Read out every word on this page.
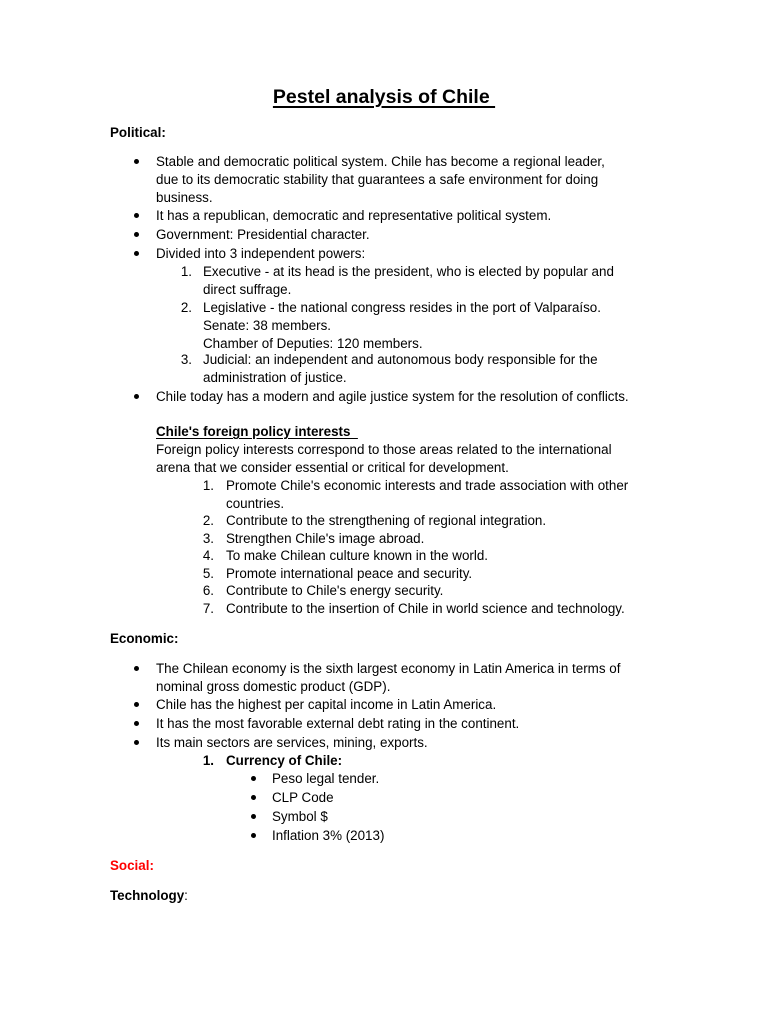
Pestel analysis of Chile
Political:
Stable and democratic political system. Chile has become a regional leader,
due to its democratic stability that guarantees a safe environment for doing
business.
It has a republican, democratic and representative political system.
Government: Presidential character.
Divided into 3 independent powers:
1. Executive - at its head is the president, who is elected by popular and
direct suffrage.
2. Legislative - the national congress resides in the port of Valparaíso.
Senate: 38 members.
Chamber of Deputies: 120 members.
3. Judicial: an independent and autonomous body responsible for the
administration of justice.
Chile today has a modern and agile justice system for the resolution of conflicts.
Chile's foreign policy interests
Foreign policy interests correspond to those areas related to the international
arena that we consider essential or critical for development.
1. Promote Chile's economic interests and trade association with other
countries.
2. Contribute to the strengthening of regional integration.
3. Strengthen Chile's image abroad.
4. To make Chilean culture known in the world.
5. Promote international peace and security.
6. Contribute to Chile's energy security.
7. Contribute to the insertion of Chile in world science and technology.
Economic:
The Chilean economy is the sixth largest economy in Latin America in terms of
nominal gross domestic product (GDP).
Chile has the highest per capital income in Latin America.
It has the most favorable external debt rating in the continent.
Its main sectors are services, mining, exports.
1. Currency of Chile:
Peso legal tender.
CLP Code
Symbol $
Inflation 3% (2013)
Social:
Technology:
